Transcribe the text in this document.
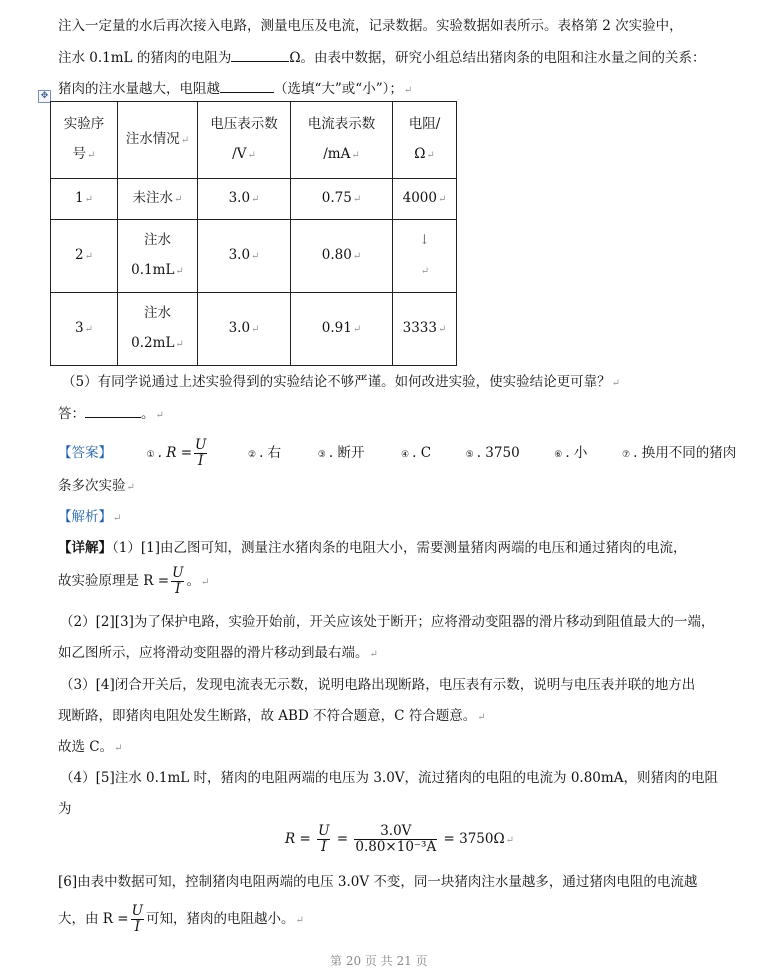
注入一定量的水后再次接入电路，测量电压及电流，记录数据。实验数据如表所示。表格第 2 次实验中，
注水 0.1mL 的猪肉的电阻为	Ω。由表中数据，研究小组总结出猪肉条的电阻和注水量之间的关系：
猪肉的注水量越大，电阻越	（选填“大”或“小”）；↵
✥
实验序
号↵	注水情况↵	电压表示数
/V↵	电流表示数
/mA↵	电阻/
Ω↵
1↵	未注水↵	3.0↵	0.75↵	4000↵
2↵	注水
0.1mL↵	3.0↵	0.80↵	↓
↵
3↵	注水
0.2mL↵	3.0↵	0.91↵	3333↵
（5）有同学说通过上述实验得到的实验结论不够严谨。如何改进实验，使实验结论更可靠？↵
答：	。↵
【答案】	① . $R = \frac{U}{I}$	② . 右	③ . 断开	④ . C	⑤ . 3750	⑥ . 小	⑦ . 换用不同的猪肉
条多次实验↵
【解析】↵
【详解】（1）[1]由乙图可知，测量注水猪肉条的电阻大小，需要测量猪肉两端的电压和通过猪肉的电流，
故实验原理是 $R = \frac{U}{I}$ 。↵
（2）[2][3]为了保护电路，实验开始前，开关应该处于断开；应将滑动变阻器的滑片移动到阻值最大的一端，
如乙图所示，应将滑动变阻器的滑片移动到最右端。↵
（3）[4]闭合开关后，发现电流表无示数，说明电路出现断路，电压表有示数，说明与电压表并联的地方出
现断路，即猪肉电阻处发生断路，故 ABD 不符合题意，C 符合题意。↵
故选 C。↵
（4）[5]注水 0.1mL 时，猪肉的电阻两端的电压为 3.0V，流过猪肉的电阻的电流为 0.80mA，则猪肉的电阻
为
$R = \frac{U}{I} = \frac{3.0V}{\text{0.80×10⁻³A}}$ = 3750Ω↵
[6]由表中数据可知，控制猪肉电阻两端的电压 3.0V 不变，同一块猪肉注水量越多，通过猪肉电阻的电流越
大，由 $R = \frac{U}{I}$ 可知，猪肉的电阻越小。↵
第 20 页 共 21 页
